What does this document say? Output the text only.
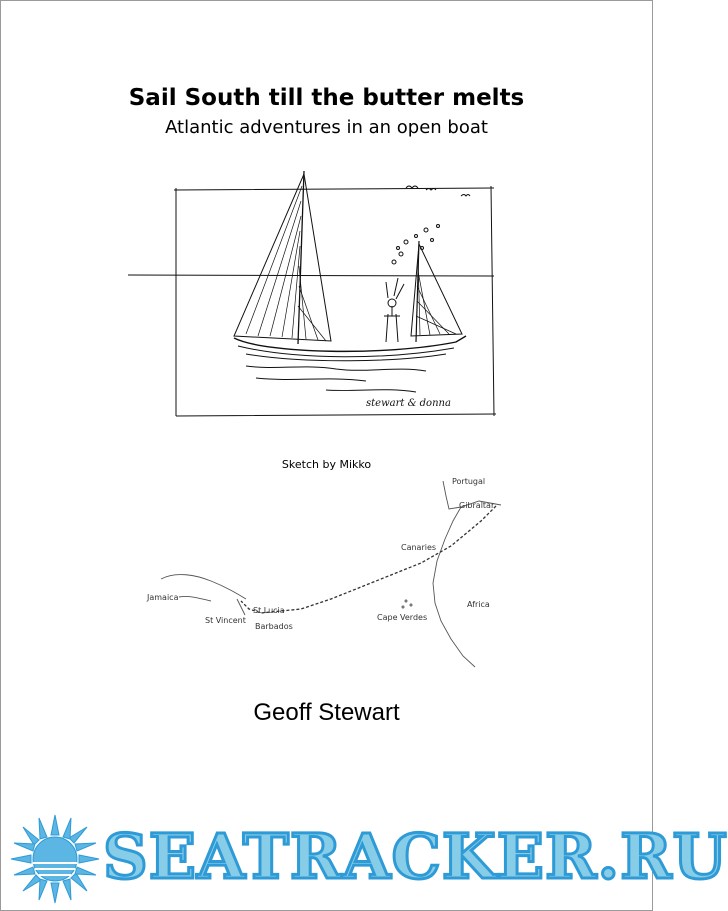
Sail South till the butter melts
Atlantic adventures in an open boat
stewart & donna
Sketch by Mikko
Portugal
Gibraltar
Canaries
Jamaica
St Lucia
St Vincent
Barbados
Cape Verdes
Africa
Geoff Stewart
SEATRACKER.RU
